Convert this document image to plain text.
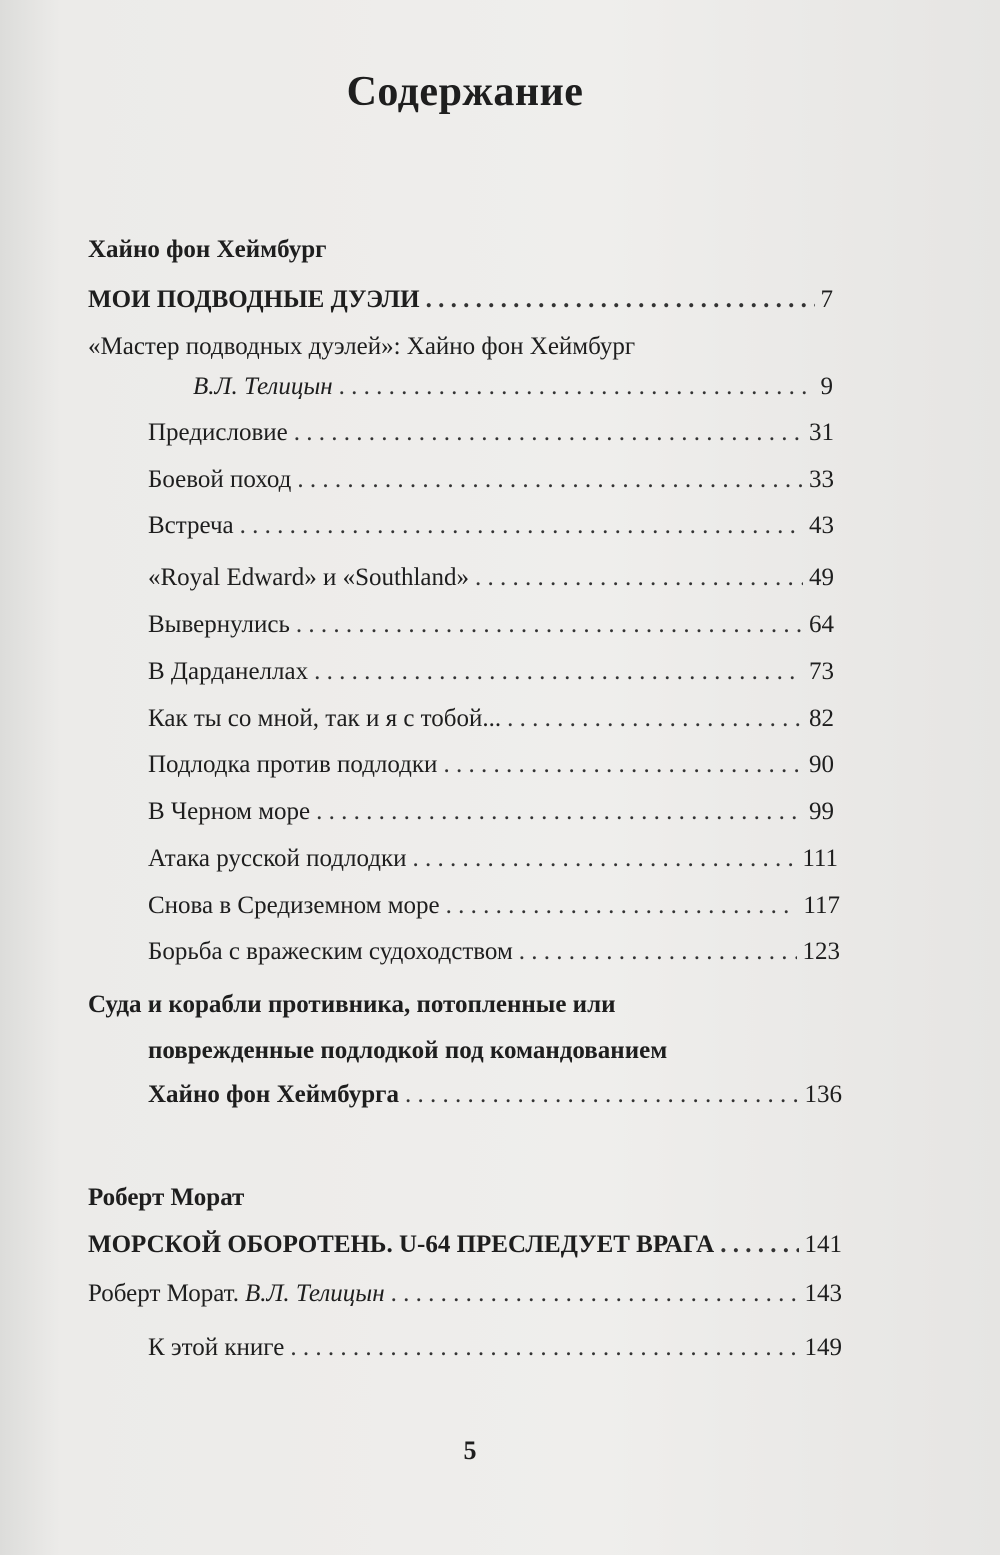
Содержание
Хайно фон Хеймбург
МОИ ПОДВОДНЫЕ ДУЭЛИ . . .	7
«Мастер подводных дуэлей»: Хайно фон Хеймбург
В.Л. Телицын . . .	9
Предисловие . . .	31
Боевой поход . . .	33
Встреча . . .	43
«Royal Edward» и «Southland» . . .	49
Вывернулись . . .	64
В Дарданеллах . . .	73
Как ты со мной, так и я с тобой... . . .	82
Подлодка против подлодки . . .	90
В Черном море . . .	99
Атака русской подлодки . . .	111
Снова в Средиземном море . . .	117
Борьба с вражеским судоходством . . .	123
Суда и корабли противника, потопленные или
поврежденные подлодкой под командованием
Хайно фон Хеймбурга . . .	136
Роберт Морат
МОРСКОЙ ОБОРОТЕНЬ. U-64 ПРЕСЛЕДУЕТ ВРАГА . . .	141
Роберт Морат. В.Л. Телицын . . .	143
К этой книге . . .	149
5
